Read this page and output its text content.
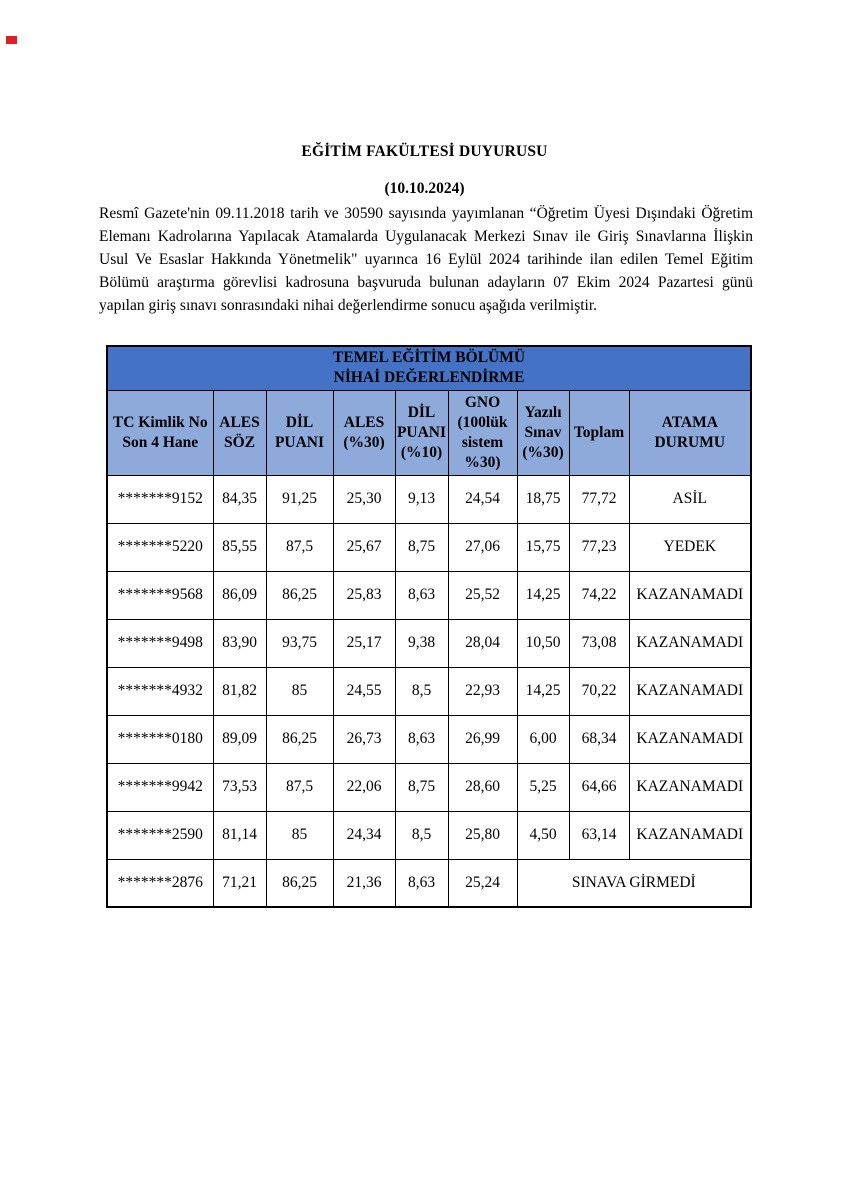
EĞİTİM FAKÜLTESİ DUYURUSU
(10.10.2024)

Resmî Gazete'nin 09.11.2018 tarih ve 30590 sayısında yayımlanan “Öğretim Üyesi Dışındaki Öğretim Elemanı Kadrolarına Yapılacak Atamalarda Uygulanacak Merkezi Sınav ile Giriş Sınavlarına İlişkin Usul Ve Esaslar Hakkında Yönetmelik" uyarınca 16 Eylül 2024 tarihinde ilan edilen Temel Eğitim Bölümü araştırma görevlisi kadrosuna başvuruda bulunan adayların 07 Ekim 2024 Pazartesi günü yapılan giriş sınavı sonrasındaki nihai değerlendirme sonucu aşağıda verilmiştir.

TEMEL EĞİTİM BÖLÜMÜ
NİHAİ DEĞERLENDİRME								

TC Kimlik No Son 4 Hane	ALES SÖZ	DİL PUANI	ALES (%30)	DİL PUANI (%10)	GNO (100lük sistem %30)	Yazılı Sınav (%30)	Toplam	ATAMA DURUMU
*******9152	84,35	91,25	25,30	9,13	24,54	18,75	77,72	ASİL
*******5220	85,55	87,5	25,67	8,75	27,06	15,75	77,23	YEDEK
*******9568	86,09	86,25	25,83	8,63	25,52	14,25	74,22	KAZANAMADI
*******9498	83,90	93,75	25,17	9,38	28,04	10,50	73,08	KAZANAMADI
*******4932	81,82	85	24,55	8,5	22,93	14,25	70,22	KAZANAMADI
*******0180	89,09	86,25	26,73	8,63	26,99	6,00	68,34	KAZANAMADI
*******9942	73,53	87,5	22,06	8,75	28,60	5,25	64,66	KAZANAMADI
*******2590	81,14	85	24,34	8,5	25,80	4,50	63,14	KAZANAMADI
*******2876	71,21	86,25	21,36	8,63	25,24	SINAVA GİRMEDİ		
